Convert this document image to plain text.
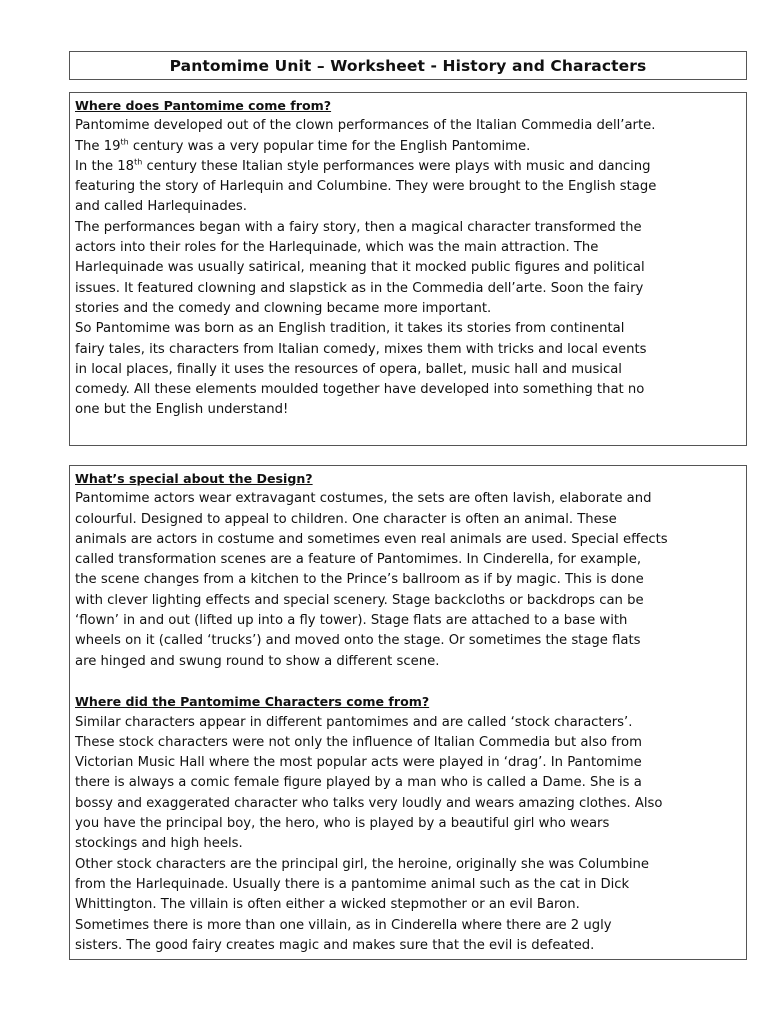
Pantomime Unit – Worksheet - History and Characters
Where does Pantomime come from?
Pantomime developed out of the clown performances of the Italian Commedia dell’arte.
The 19th century was a very popular time for the English Pantomime.
In the 18th century these Italian style performances were plays with music and dancing
featuring the story of Harlequin and Columbine. They were brought to the English stage
and called Harlequinades.
The performances began with a fairy story, then a magical character transformed the
actors into their roles for the Harlequinade, which was the main attraction. The
Harlequinade was usually satirical, meaning that it mocked public figures and political
issues. It featured clowning and slapstick as in the Commedia dell’arte. Soon the fairy
stories and the comedy and clowning became more important.
So Pantomime was born as an English tradition, it takes its stories from continental
fairy tales, its characters from Italian comedy, mixes them with tricks and local events
in local places, finally it uses the resources of opera, ballet, music hall and musical
comedy. All these elements moulded together have developed into something that no
one but the English understand!
What’s special about the Design?
Pantomime actors wear extravagant costumes, the sets are often lavish, elaborate and
colourful. Designed to appeal to children. One character is often an animal. These
animals are actors in costume and sometimes even real animals are used. Special effects
called transformation scenes are a feature of Pantomimes. In Cinderella, for example,
the scene changes from a kitchen to the Prince’s ballroom as if by magic. This is done
with clever lighting effects and special scenery. Stage backcloths or backdrops can be
‘flown’ in and out (lifted up into a fly tower). Stage flats are attached to a base with
wheels on it (called ‘trucks’) and moved onto the stage. Or sometimes the stage flats
are hinged and swung round to show a different scene.
Where did the Pantomime Characters come from?
Similar characters appear in different pantomimes and are called ‘stock characters’.
These stock characters were not only the influence of Italian Commedia but also from
Victorian Music Hall where the most popular acts were played in ‘drag’. In Pantomime
there is always a comic female figure played by a man who is called a Dame. She is a
bossy and exaggerated character who talks very loudly and wears amazing clothes. Also
you have the principal boy, the hero, who is played by a beautiful girl who wears
stockings and high heels.
Other stock characters are the principal girl, the heroine, originally she was Columbine
from the Harlequinade. Usually there is a pantomime animal such as the cat in Dick
Whittington. The villain is often either a wicked stepmother or an evil Baron.
Sometimes there is more than one villain, as in Cinderella where there are 2 ugly
sisters. The good fairy creates magic and makes sure that the evil is defeated.
